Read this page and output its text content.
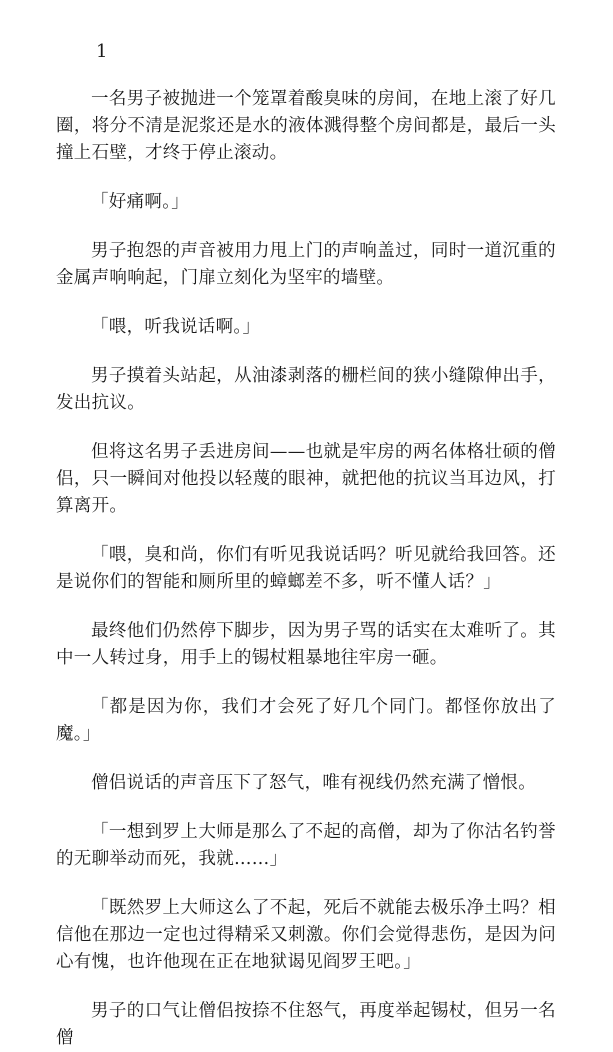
1

一名男子被抛进一个笼罩着酸臭味的房间，在地上滚了好几圈，将分不清是泥浆还是水的液体溅得整个房间都是，最后一头撞上石壁，才终于停止滚动。

「好痛啊。」

男子抱怨的声音被用力甩上门的声响盖过，同时一道沉重的金属声响响起，门扉立刻化为坚牢的墙壁。

「喂，听我说话啊。」

男子摸着头站起，从油漆剥落的栅栏间的狭小缝隙伸出手，发出抗议。

但将这名男子丢进房间——也就是牢房的两名体格壮硕的僧侣，只一瞬间对他投以轻蔑的眼神，就把他的抗议当耳边风，打算离开。

「喂，臭和尚，你们有听见我说话吗？听见就给我回答。还是说你们的智能和厕所里的蟑螂差不多，听不懂人话？」

最终他们仍然停下脚步，因为男子骂的话实在太难听了。其中一人转过身，用手上的锡杖粗暴地往牢房一砸。

「都是因为你，我们才会死了好几个同门。都怪你放出了魔。」

僧侣说话的声音压下了怒气，唯有视线仍然充满了憎恨。

「一想到罗上大师是那么了不起的高僧，却为了你沽名钓誉的无聊举动而死，我就……」

「既然罗上大师这么了不起，死后不就能去极乐净土吗？相信他在那边一定也过得精采又刺激。你们会觉得悲伤，是因为问心有愧，也许他现在正在地狱谒见阎罗王吧。」

男子的口气让僧侣按捺不住怒气，再度举起锡杖，但另一名僧
